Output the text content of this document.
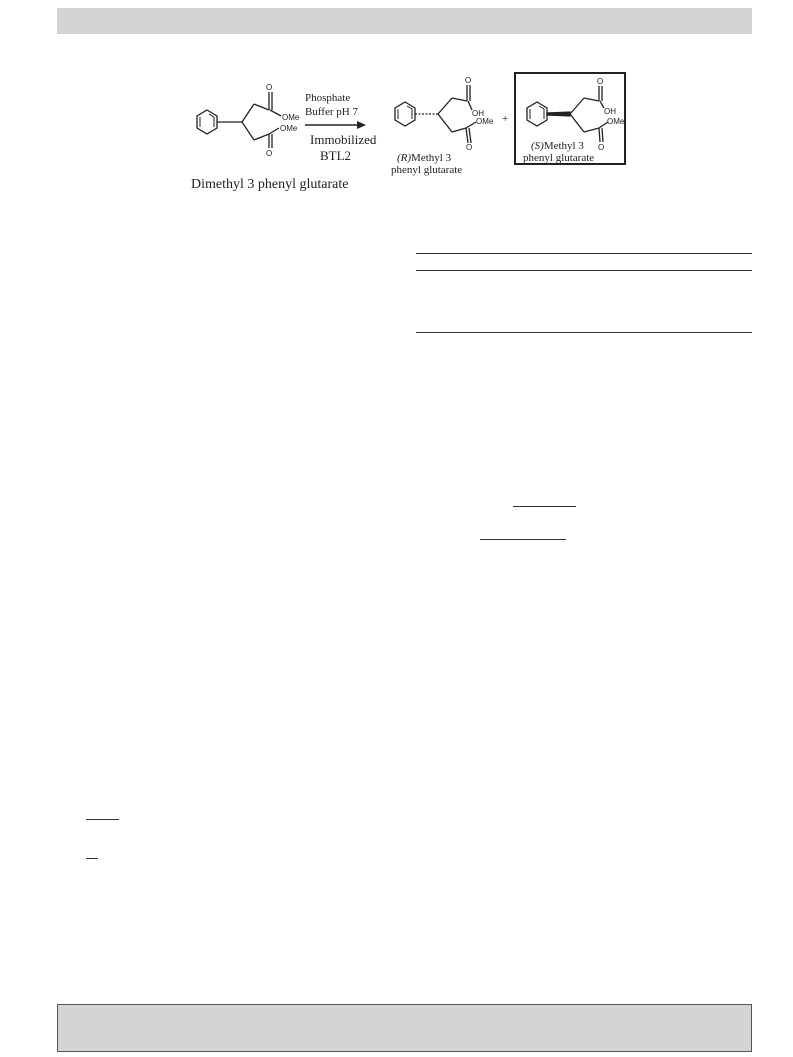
O
OMe
OMe
O
Dimethyl 3 phenyl glutarate
Phosphate
Buffer pH 7
Immobilized
BTL2
O
OH
OMe
O
(R)Methyl 3
phenyl glutarate
+
O
OH
OMe
O
(S)Methyl 3
phenyl glutarate
